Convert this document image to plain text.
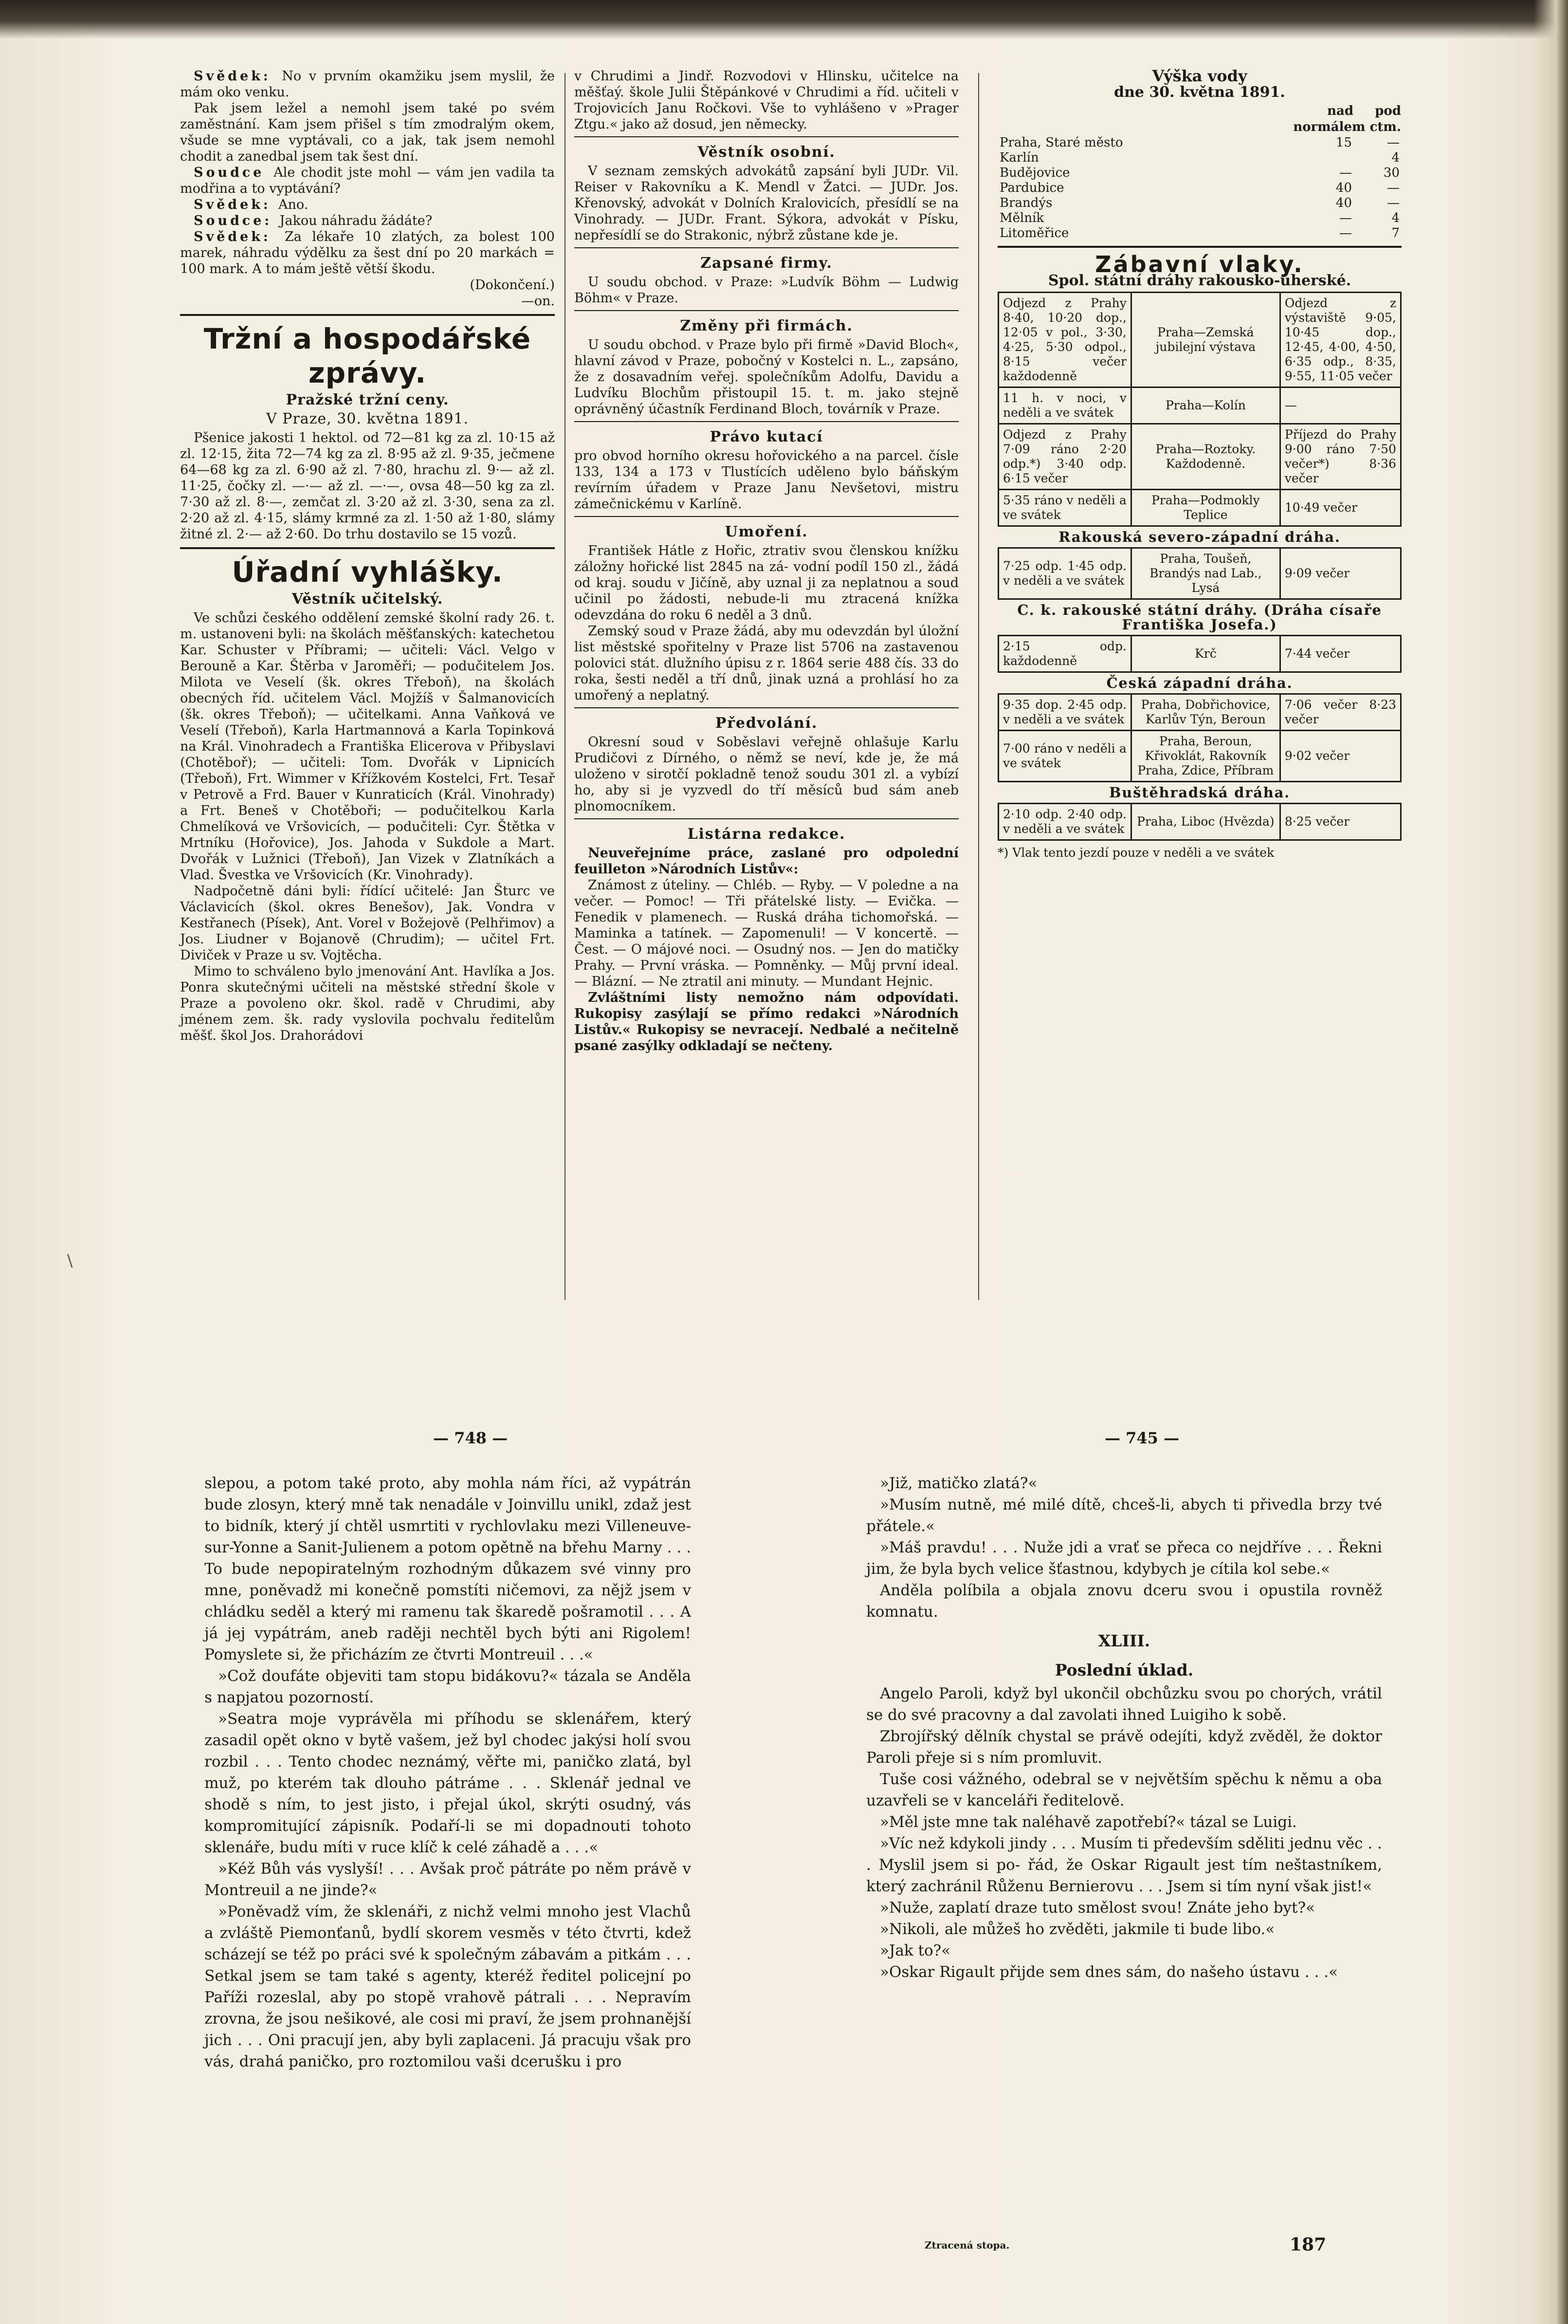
Svědek: No v prvním okamžiku jsem myslil, že mám oko venku.

Pak jsem ležel a nemohl jsem také po svém zaměstnání. Kam jsem přišel s tím zmodralým okem, všude se mne vyptávali, co a jak, tak jsem nemohl chodit a zanedbal jsem tak šest dní.

Soudce Ale chodit jste mohl — vám jen vadila ta modřina a to vyptávání?

Svědek: Ano.

Soudce: Jakou náhradu žádáte?

Svědek: Za lékaře 10 zlatých, za bolest 100 marek, náhradu výdělku za šest dní po 20 markách = 100 mark. A to mám ještě větší škodu.

(Dokončení.)

—on.

Tržní a hospodářské zprávy.
Pražské tržní ceny.
V Praze, 30. května 1891.

Pšenice jakosti 1 hektol. od 72—81 kg za zl. 10·15 až zl. 12·15, žita 72—74 kg za zl. 8·95 až zl. 9·35, ječmene 64—68 kg za zl. 6·90 až zl. 7·80, hrachu zl. 9·— až zl. 11·25, čočky zl. —·— až zl. —·—, ovsa 48—50 kg za zl. 7·30 až zl. 8·—, zemčat zl. 3·20 až zl. 3·30, sena za zl. 2·20 až zl. 4·15, slámy krmné za zl. 1·50 až 1·80, slámy žitné zl. 2·— až 2·60. Do trhu dostavilo se 15 vozů.

Úřadní vyhlášky.
Věstník učitelský.

Ve schůzi českého oddělení zemské školní rady 26. t. m. ustanoveni byli: na školách měšťanských: katechetou Kar. Schuster v Příbrami; — učiteli: Václ. Velgo v Berouně a Kar. Štěrba v Jaroměři; — podučitelem Jos. Milota ve Veselí (šk. okres Třeboň), na školách obecných říd. učitelem Václ. Mojžíš v Šalmanovicích (šk. okres Třeboň); — učitelkami. Anna Vaňková ve Veselí (Třeboň), Karla Hartmannová a Karla Topinková na Král. Vinohradech a Františka Elicerova v Přibyslavi (Chotěboř); — učiteli: Tom. Dvořák v Lipnicích (Třeboň), Frt. Wimmer v Křížkovém Kostelci, Frt. Tesař v Petrově a Frd. Bauer v Kunraticích (Král. Vinohrady) a Frt. Beneš v Chotěboři; — podučitelkou Karla Chmelíková ve Vršovicích, — podučiteli: Cyr. Štětka v Mrtníku (Hořovice), Jos. Jahoda v Sukdole a Mart. Dvořák v Lužnici (Třeboň), Jan Vizek v Zlatníkách a Vlad. Švestka ve Vršovicích (Kr. Vinohrady).

Nadpočetně dáni byli: řídící učitelé: Jan Šturc ve Václavicích (škol. okres Benešov), Jak. Vondra v Kestřanech (Písek), Ant. Vorel v Božejově (Pelhřimov) a Jos. Liudner v Bojanově (Chrudim); — učitel Frt. Diviček v Praze u sv. Vojtěcha.

Mimo to schváleno bylo jmenování Ant. Havlíka a Jos. Ponra skutečnými učiteli na městské střední škole v Praze a povoleno okr. škol. radě v Chrudimi, aby jménem zem. šk. rady vyslovila pochvalu ředitelům měšť. škol Jos. Drahorádovi

v Chrudimi a Jindř. Rozvodovi v Hlinsku, učitelce na měšťaý. škole Julii Štěpánkové v Chrudimi a říd. učiteli v Trojovicích Janu Ročkovi. Vše to vyhlášeno v »Prager Ztgu.« jako až dosud, jen německy.

Věstník osobní.

V seznam zemských advokátů zapsání byli JUDr. Vil. Reiser v Rakovníku a K. Mendl v Žatci. — JUDr. Jos. Křenovský, advokát v Dolních Kralovicích, přesídlí se na Vinohrady. — JUDr. Frant. Sýkora, advokát v Písku, nepřesídlí se do Strakonic, nýbrž zůstane kde je.

Zapsané firmy.

U soudu obchod. v Praze: »Ludvík Böhm — Ludwig Böhm« v Praze.

Změny při firmách.

U soudu obchod. v Praze bylo při firmě »David Bloch«, hlavní závod v Praze, pobočný v Kostelci n. L., zapsáno, že z dosavadním veřej. společníkům Adolfu, Davidu a Ludvíku Blochům přistoupil 15. t. m. jako stejně oprávněný účastník Ferdinand Bloch, továrník v Praze.

Právo kutací

pro obvod horního okresu hořovického a na parcel. čísle 133, 134 a 173 v Tlustících uděleno bylo báňským revírním úřadem v Praze Janu Nevšetovi, mistru zámečnickému v Karlíně.

Umoření.

František Hátle z Hořic, ztrativ svou členskou knížku záložny hořické list 2845 na zá- vodní podíl 150 zl., žádá od kraj. soudu v Jičíně, aby uznal ji za neplatnou a soud učinil po žádosti, nebude-li mu ztracená knížka odevzdána do roku 6 neděl a 3 dnů.

Zemský soud v Praze žádá, aby mu odevzdán byl úložní list městské spořitelny v Praze list 5706 na zastavenou polovici stát. dlužního úpisu z r. 1864 serie 488 čís. 33 do roka, šesti neděl a tří dnů, jinak uzná a prohlásí ho za umořený a neplatný.

Předvolání.

Okresní soud v Soběslavi veřejně ohlašuje Karlu Prudičovi z Dírného, o němž se neví, kde je, že má uloženo v sirotčí pokladně tenož soudu 301 zl. a vybízí ho, aby si je vyzvedl do tří měsíců bud sám aneb plnomocníkem.

Listárna redakce.

Neuveřejníme práce, zaslané pro odpolední feuilleton »Národních Listův«:

Známost z úteliny. — Chléb. — Ryby. — V poledne a na večer. — Pomoc! — Tři přátelské listy. — Evička. — Fenedik v plamenech. — Ruská dráha tichomořská. — Maminka a tatínek. — Zapomenuli! — V koncertě. — Čest. — O májové noci. — Osudný nos. — Jen do matičky Prahy. — První vráska. — Pomněnky. — Můj první ideal. — Blázní. — Ne ztratil ani minuty. — Mundant Hejnic.

Zvláštními listy nemožno nám odpovídati. Rukopisy zasýlají se přímo redakci »Národních Listův.« Rukopisy se nevracejí. Nedbalé a nečitelně psané zasýlky odkladají se nečteny.

Výška vody

dne 30. května 1891.

	nad	pod
normálem ctm.		
Praha, Staré město	15	—
Karlín		4
Budějovice	—	30
Pardubice	40	—
Brandýs	40	—
Mělník	—	4
Litoměřice	—	7
Zábavní vlaky.
Spol. státní dráhy rakousko-uherské.
Odjezd z Prahy 8·40, 10·20 dop., 12·05 v pol., 3·30, 4·25, 5·30 odpol., 8·15 večer každodenně	Praha—Zemská jubilejní výstava	Odjezd z výstaviště 9·05, 10·45 dop., 12·45, 4·00, 4·50, 6·35 odp., 8·35, 9·55, 11·05 večer
11 h. v noci, v neděli a ve svátek	Praha—Kolín	—
Odjezd z Prahy 7·09 ráno 2·20 odp.*) 3·40 odp. 6·15 večer	Praha—Roztoky. Každodenně.	Příjezd do Prahy 9·00 ráno 7·50 večer*) 8·36 večer
5·35 ráno v neděli a ve svátek	Praha—Podmokly Teplice	10·49 večer
Rakouská severo-západní dráha.		
7·25 odp. 1·45 odp. v neděli a ve svátek	Praha, Toušeň, Brandýs nad Lab., Lysá	9·09 večer
C. k. rakouské státní dráhy. (Dráha císaře Františka Josefa.)		
2·15 odp. každodenně	Krč	7·44 večer
Česká západní dráha.		
9·35 dop. 2·45 odp. v neděli a ve svátek	Praha, Dobřichovice, Karlův Týn, Beroun	7·06 večer 8·23 večer
7·00 ráno v neděli a ve svátek	Praha, Beroun, Křivoklát, Rakovník Praha, Zdice, Příbram	9·02 večer
Buštěhradská dráha.		
2·10 odp. 2·40 odp. v neděli a ve svátek	Praha, Liboc (Hvězda)	8·25 večer
*) Vlak tento jezdí pouze v neděli a ve svátek
— 748 —	— 745 —

slepou, a potom také proto, aby mohla nám říci, až vypátrán bude zlosyn, který mně tak nenadále v Joinvillu unikl, zdaž jest to bidník, který jí chtěl usmrtiti v rychlovlaku mezi Villeneuve-sur-Yonne a Sanit-Julienem a potom opětně na břehu Marny . . . To bude nepopiratelným rozhodným důkazem své vinny pro mne, poněvadž mi konečně pomstíti ničemovi, za nějž jsem v chládku seděl a který mi ramenu tak škaredě pošramotil . . . A já jej vypátrám, aneb raději nechtěl bych býti ani Rigolem! Pomyslete si, že přicházím ze čtvrti Montreuil . . .«

»Což doufáte objeviti tam stopu bidákovu?« tázala se Anděla s napjatou pozorností.

»Seatra moje vyprávěla mi příhodu se sklenářem, který zasadil opět okno v bytě vašem, jež byl chodec jakýsi holí svou rozbil . . . Tento chodec neznámý, věřte mi, paničko zlatá, byl muž, po kterém tak dlouho pátráme . . . Sklenář jednal ve shodě s ním, to jest jisto, i přejal úkol, skrýti osudný, vás kompromitující zápisník. Podaří-li se mi dopadnouti tohoto sklenáře, budu míti v ruce klíč k celé záhadě a . . .«

»Kéž Bůh vás vyslyší! . . . Avšak proč pátráte po něm právě v Montreuil a ne jinde?«

»Poněvadž vím, že sklenáři, z nichž velmi mnoho jest Vlachů a zvláště Piemonťanů, bydlí skorem vesměs v této čtvrti, kdež scházejí se též po práci své k společným zábavám a pitkám . . . Setkal jsem se tam také s agenty, kteréž ředitel policejní po Paříži rozeslal, aby po stopě vrahově pátrali . . . Nepravím zrovna, že jsou nešikové, ale cosi mi praví, že jsem prohnanější jich . . . Oni pracují jen, aby byli zaplaceni. Já pracuju však pro vás, drahá paničko, pro roztomilou vaši dcerušku i pro

»Již, matičko zlatá?«

»Musím nutně, mé milé dítě, chceš-li, abych ti přivedla brzy tvé přátele.«

»Máš pravdu! . . . Nuže jdi a vrať se přeca co nejdříve . . . Řekni jim, že byla bych velice šťastnou, kdybych je cítila kol sebe.«

Anděla políbila a objala znovu dceru svou i opustila rovněž komnatu.

XLIII.
Poslední úklad.

Angelo Paroli, když byl ukončil obchůzku svou po chorých, vrátil se do své pracovny a dal zavolati ihned Luigiho k sobě.

Zbrojířský dělník chystal se právě odejíti, když zvěděl, že doktor Paroli přeje si s ním promluvit.

Tuše cosi vážného, odebral se v největším spěchu k němu a oba uzavřeli se v kanceláři ředitelově.

»Měl jste mne tak naléhavě zapotřebí?« tázal se Luigi.

»Víc než kdykoli jindy . . . Musím ti především sděliti jednu věc . . . Myslil jsem si po- řád, že Oskar Rigault jest tím neštastníkem, který zachránil Růženu Bernierovu . . . Jsem si tím nyní však jist!«

»Nuže, zaplatí draze tuto smělost svou! Znáte jeho byt?«

»Nikoli, ale můžeš ho zvěděti, jakmile ti bude libo.«

»Jak to?«

»Oskar Rigault přijde sem dnes sám, do našeho ústavu . . .«

Ztracená stopa.	187
\
